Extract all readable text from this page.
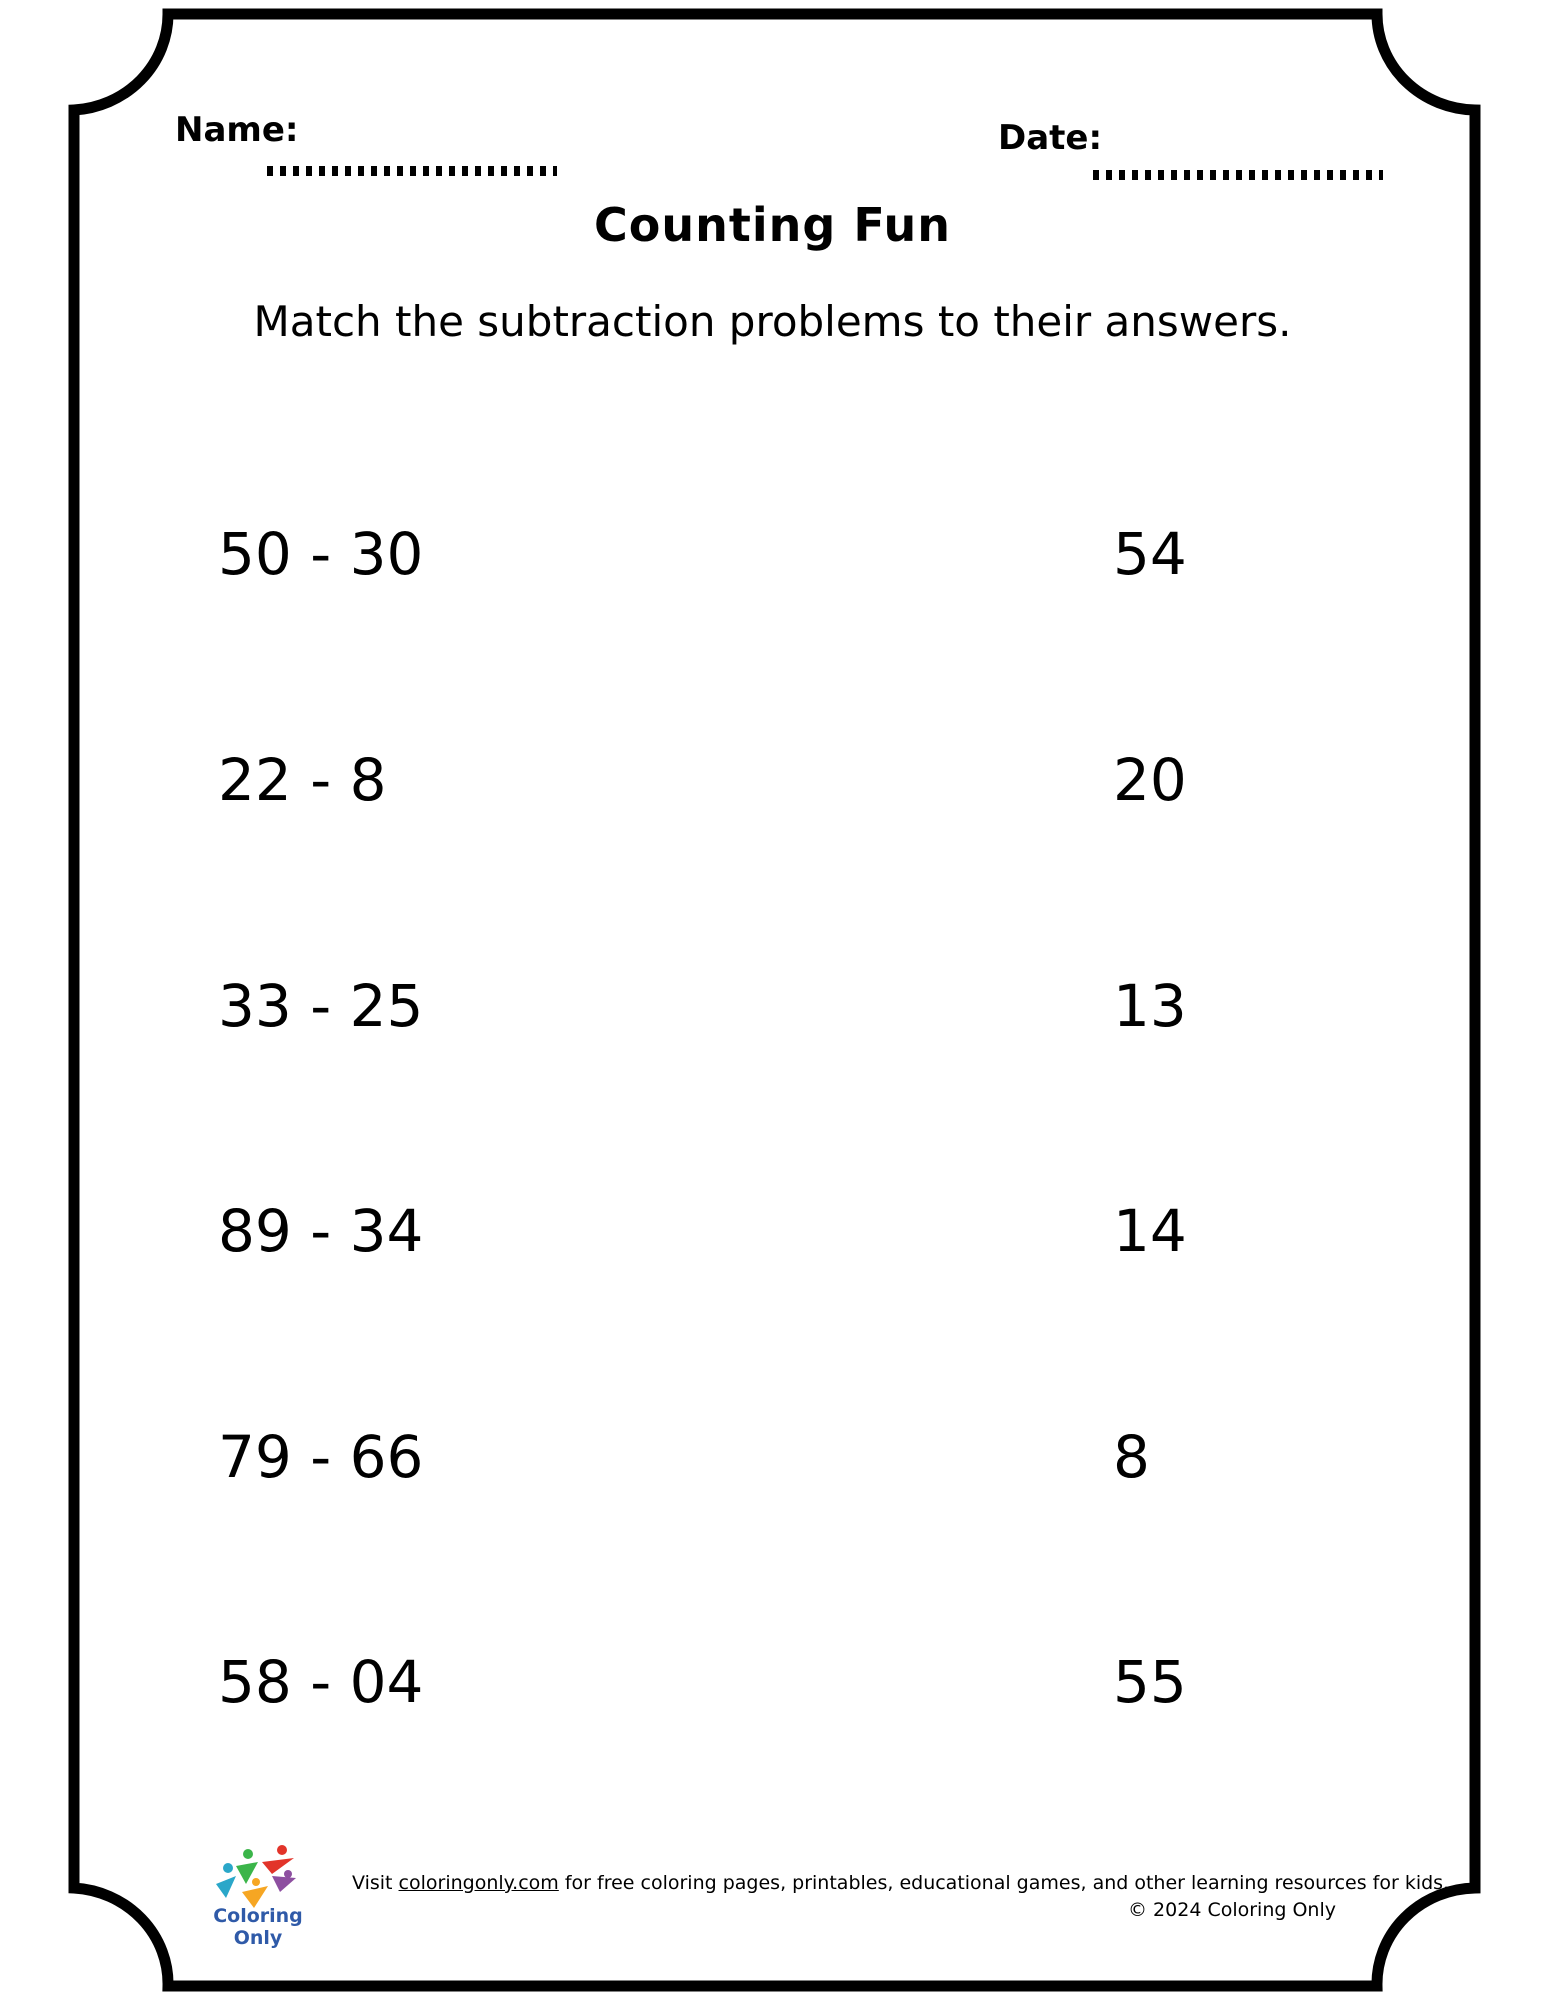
Name:	Date:
Counting Fun
Match the subtraction problems to their answers.
50 - 30
22 - 8
33 - 25
89 - 34
79 - 66
58 - 04
54
20
13
14
8
55
Coloring Only
Visit coloringonly.com for free coloring pages, printables, educational games, and other learning resources for kids.
© 2024 Coloring Only
